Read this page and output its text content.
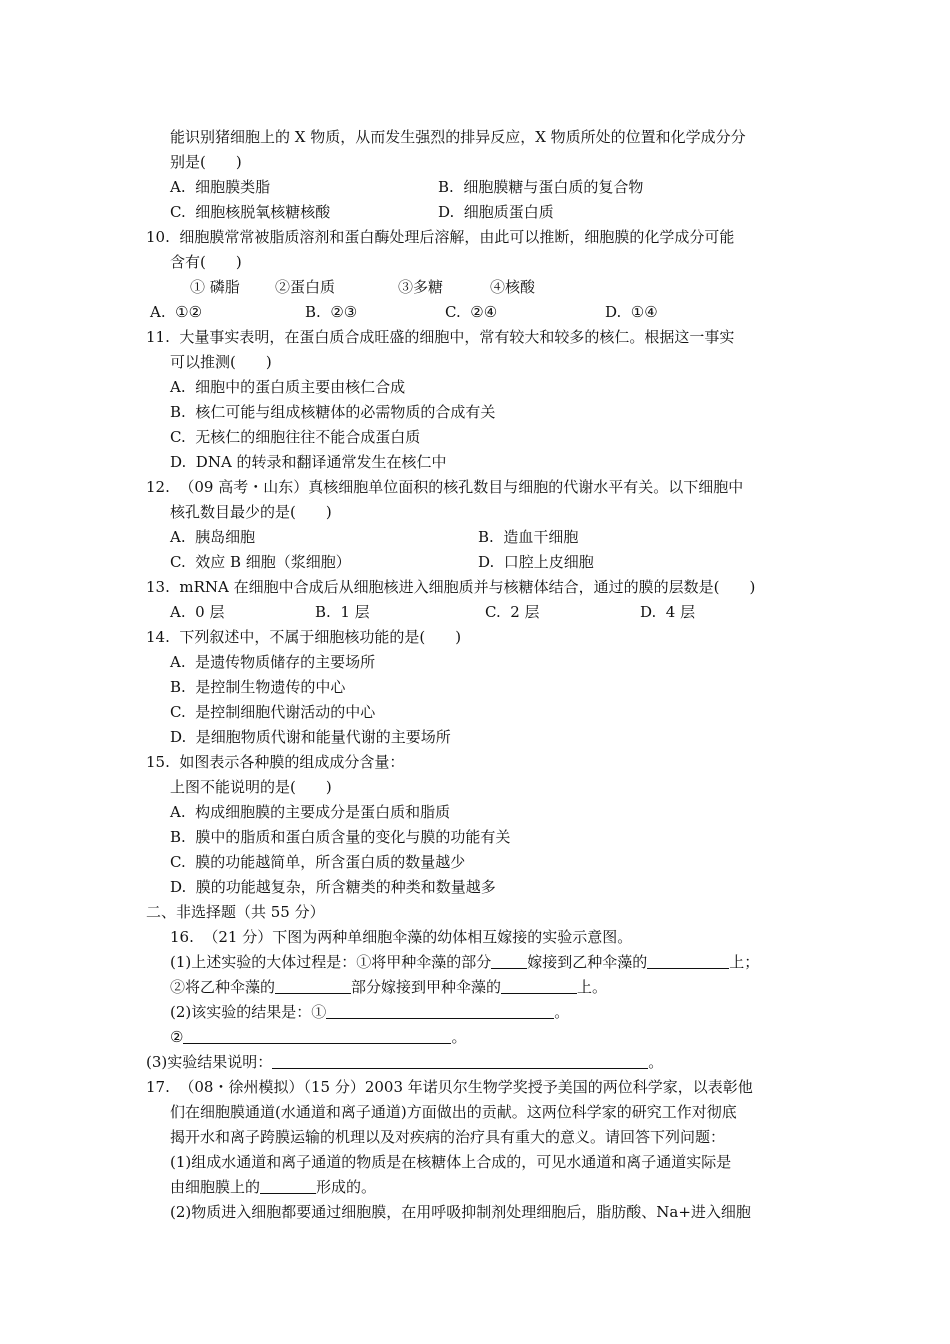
能识别猪细胞上的 X 物质，从而发生强烈的排异反应，X 物质所处的位置和化学成分分
别是(　　)
A.  细胞膜类脂	B.  细胞膜糖与蛋白质的复合物
C.  细胞核脱氧核糖核酸	D.  细胞质蛋白质
10.  细胞膜常常被脂质溶剂和蛋白酶处理后溶解，由此可以推断，细胞膜的化学成分可能
含有(　　)
① 磷脂 ②蛋白质	③多糖	④核酸
A.  ①②	B.  ②③	C.  ②④	D.  ①④
11.  大量事实表明，在蛋白质合成旺盛的细胞中，常有较大和较多的核仁。根据这一事实
可以推测(　　)
A.  细胞中的蛋白质主要由核仁合成
B.  核仁可能与组成核糖体的必需物质的合成有关
C.  无核仁的细胞往往不能合成蛋白质
D.  DNA 的转录和翻译通常发生在核仁中
12.  （09 高考・山东）真核细胞单位面积的核孔数目与细胞的代谢水平有关。以下细胞中
核孔数目最少的是(　　)
A.  胰岛细胞	B.  造血干细胞
C.  效应 B 细胞（浆细胞）	D.  口腔上皮细胞
13.  mRNA 在细胞中合成后从细胞核进入细胞质并与核糖体结合，通过的膜的层数是(　　)
A.  0 层	B.  1 层	C.  2 层	D.  4 层
14.  下列叙述中，不属于细胞核功能的是(　　)
A.  是遗传物质储存的主要场所
B.  是控制生物遗传的中心
C.  是控制细胞代谢活动的中心
D.  是细胞物质代谢和能量代谢的主要场所
15.  如图表示各种膜的组成成分含量：
上图不能说明的是(　　)
A.  构成细胞膜的主要成分是蛋白质和脂质
B.  膜中的脂质和蛋白质含量的变化与膜的功能有关
C.  膜的功能越简单，所含蛋白质的数量越少
D.  膜的功能越复杂，所含糖类的种类和数量越多
二、非选择题（共 55 分）
16.  （21 分）下图为两种单细胞伞藻的幼体相互嫁接的实验示意图。
(1)上述实验的大体过程是：①将甲种伞藻的部分 嫁接到乙种伞藻的	上；
②将乙种伞藻的	部分嫁接到甲种伞藻的	上。
(2)该实验的结果是：①	。
②	。
(3)实验结果说明：	。
17.  （08・徐州模拟）（15 分）2003 年诺贝尔生物学奖授予美国的两位科学家，以表彰他
们在细胞膜通道(水通道和离子通道)方面做出的贡献。这两位科学家的研究工作对彻底
揭开水和离子跨膜运输的机理以及对疾病的治疗具有重大的意义。请回答下列问题：
(1)组成水通道和离子通道的物质是在核糖体上合成的，可见水通道和离子通道实际是
由细胞膜上的	形成的。
(2)物质进入细胞都要通过细胞膜，在用呼吸抑制剂处理细胞后，脂肪酸、Na+进入细胞
